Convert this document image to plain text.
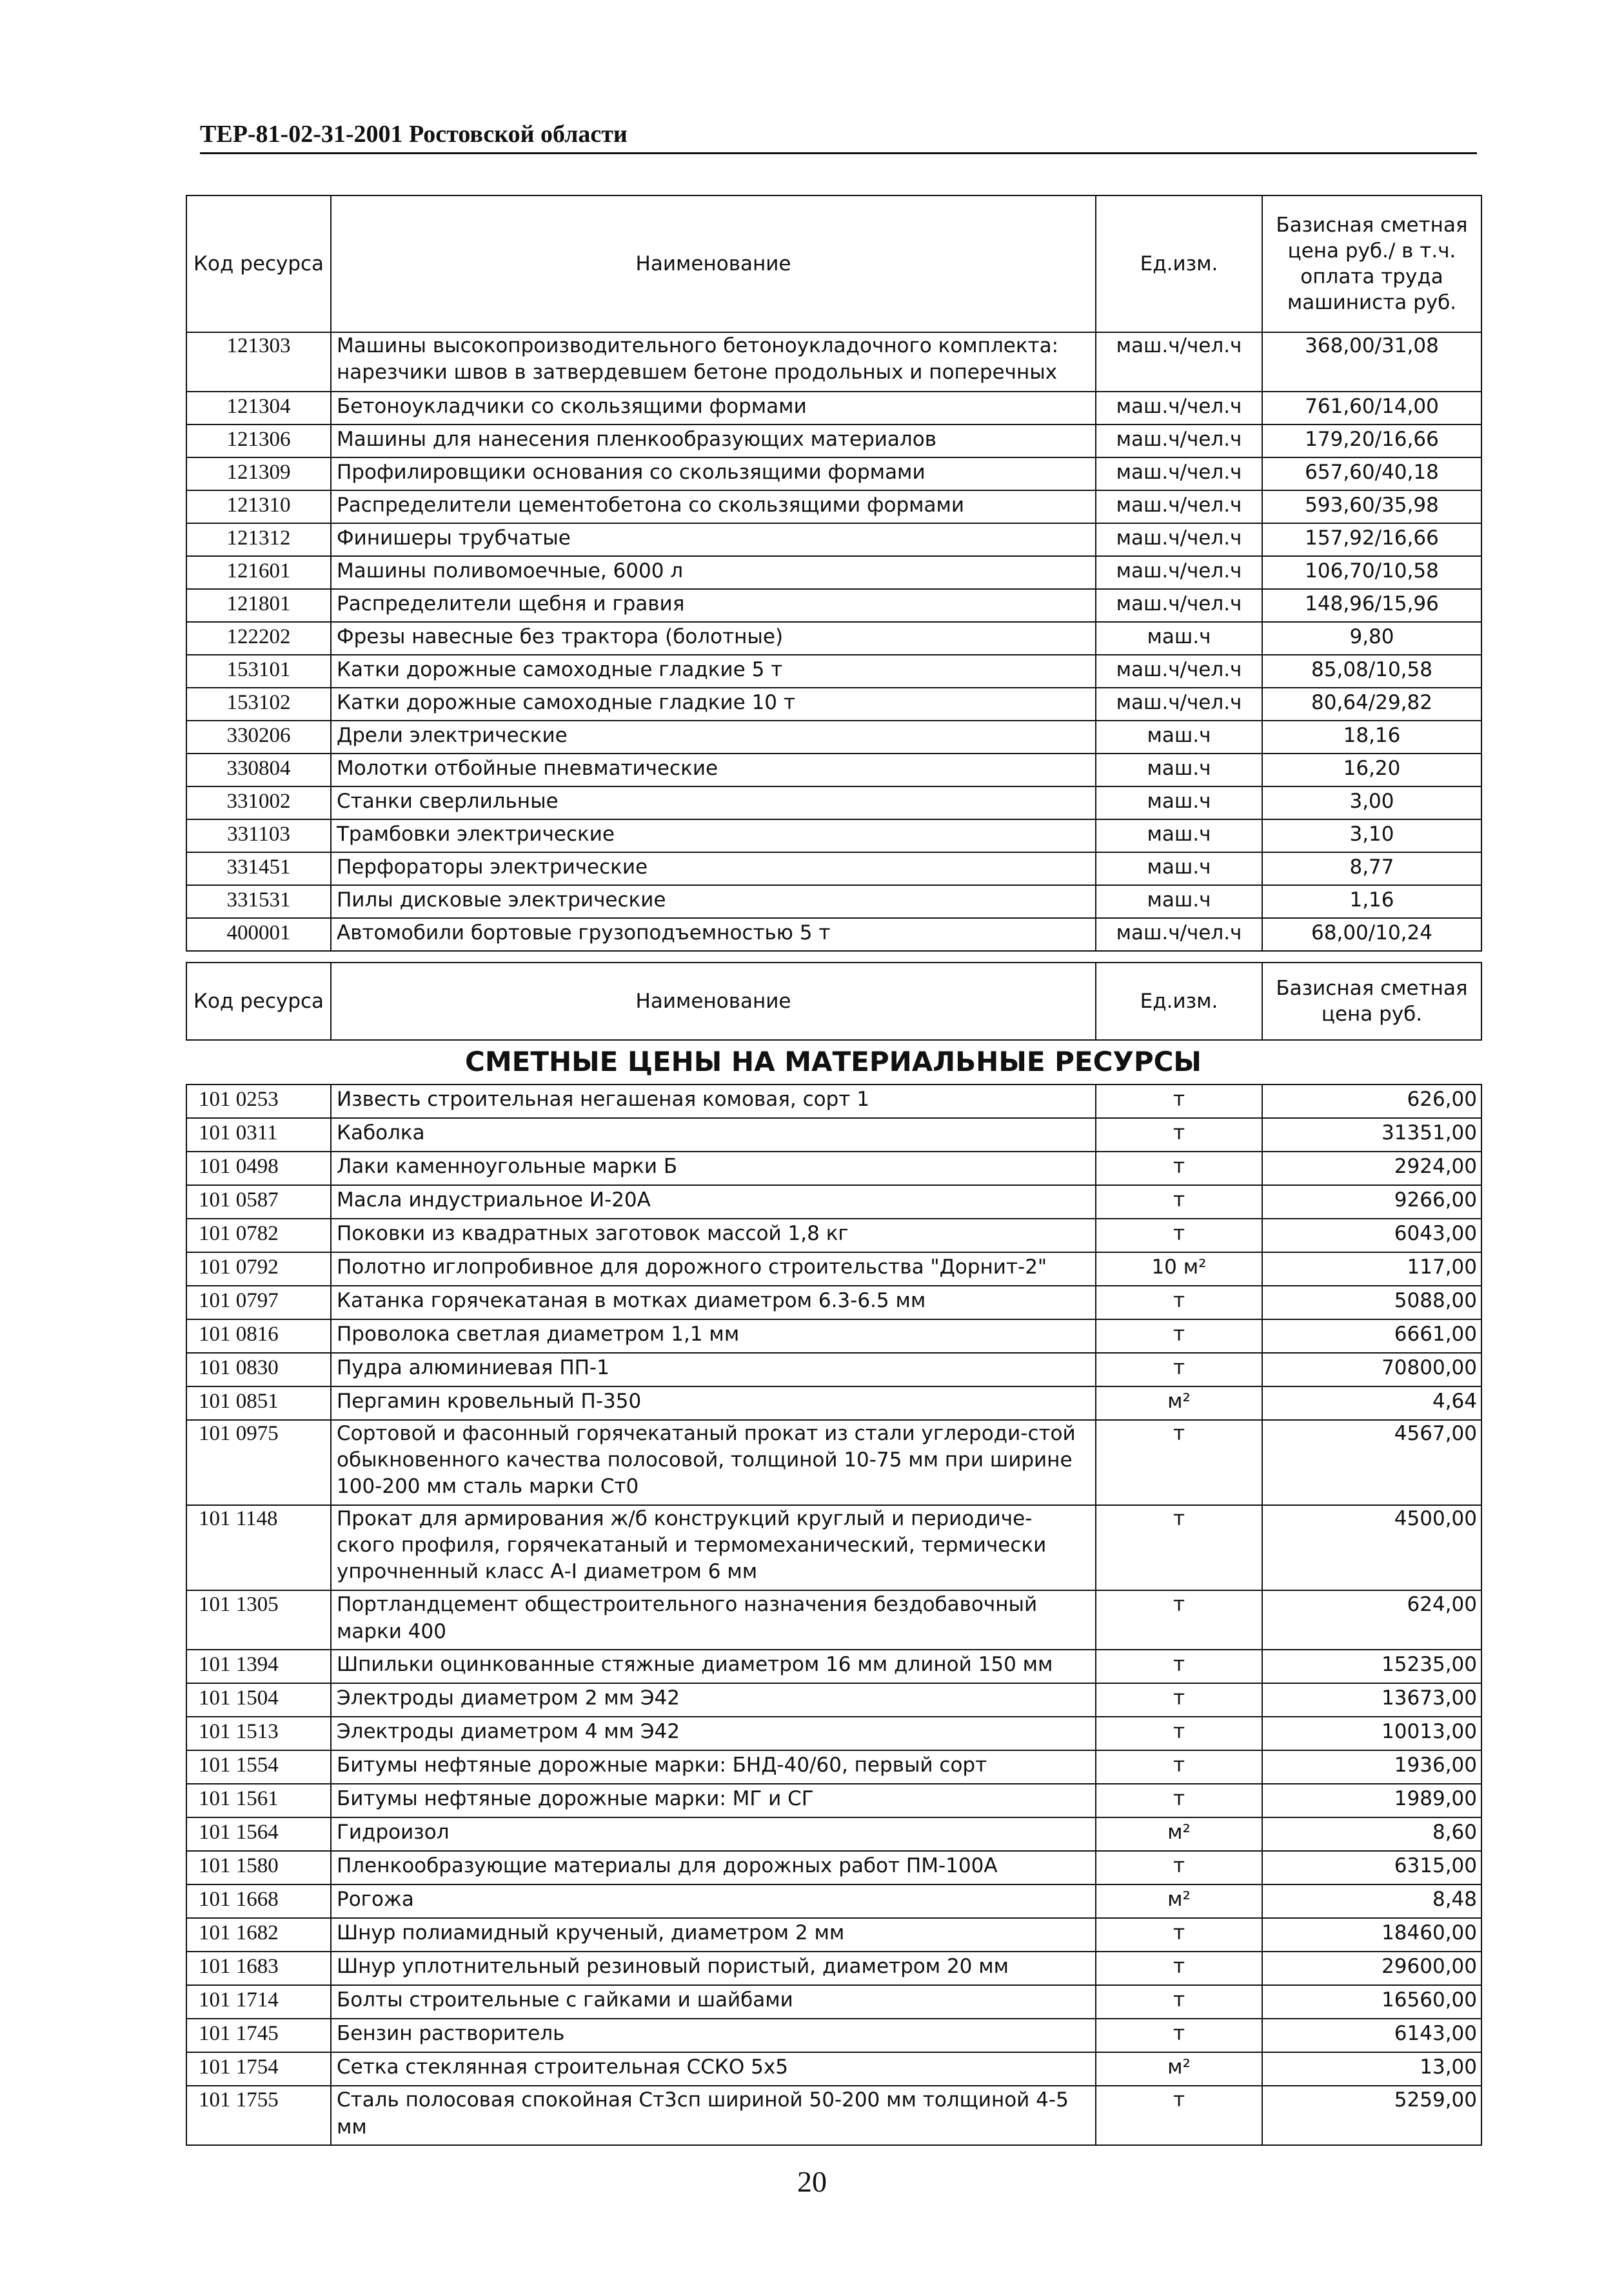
ТЕР-81-02-31-2001 Ростовской области
Код ресурса	Наименование	Ед.изм.	Базисная сметная цена руб./ в т.ч. оплата труда машиниста руб.
121303	Машины высокопроизводительного бетоноукладочного комплекта: нарезчики швов в затвердевшем бетоне продольных и поперечных	маш.ч/чел.ч	368,00/31,08
121304	Бетоноукладчики со скользящими формами	маш.ч/чел.ч	761,60/14,00
121306	Машины для нанесения пленкообразующих материалов	маш.ч/чел.ч	179,20/16,66
121309	Профилировщики основания со скользящими формами	маш.ч/чел.ч	657,60/40,18
121310	Распределители цементобетона со скользящими формами	маш.ч/чел.ч	593,60/35,98
121312	Финишеры трубчатые	маш.ч/чел.ч	157,92/16,66
121601	Машины поливомоечные, 6000 л	маш.ч/чел.ч	106,70/10,58
121801	Распределители щебня и гравия	маш.ч/чел.ч	148,96/15,96
122202	Фрезы навесные без трактора (болотные)	маш.ч	9,80
153101	Катки дорожные самоходные гладкие 5 т	маш.ч/чел.ч	85,08/10,58
153102	Катки дорожные самоходные гладкие 10 т	маш.ч/чел.ч	80,64/29,82
330206	Дрели электрические	маш.ч	18,16
330804	Молотки отбойные пневматические	маш.ч	16,20
331002	Станки сверлильные	маш.ч	3,00
331103	Трамбовки электрические	маш.ч	3,10
331451	Перфораторы электрические	маш.ч	8,77
331531	Пилы дисковые электрические	маш.ч	1,16
400001	Автомобили бортовые грузоподъемностью 5 т	маш.ч/чел.ч	68,00/10,24
Код ресурса	Наименование	Ед.изм.	Базисная сметная цена руб.
СМЕТНЫЕ ЦЕНЫ НА МАТЕРИАЛЬНЫЕ РЕСУРСЫ
101 0253	Известь строительная негашеная комовая, сорт 1	т	626,00
101 0311	Каболка	т	31351,00
101 0498	Лаки каменноугольные марки Б	т	2924,00
101 0587	Масла индустриальное И-20А	т	9266,00
101 0782	Поковки из квадратных заготовок массой 1,8 кг	т	6043,00
101 0792	Полотно иглопробивное для дорожного строительства "Дорнит-2"	10 м²	117,00
101 0797	Катанка горячекатаная в мотках диаметром 6.3-6.5 мм	т	5088,00
101 0816	Проволока светлая диаметром 1,1 мм	т	6661,00
101 0830	Пудра алюминиевая ПП-1	т	70800,00
101 0851	Пергамин кровельный П-350	м²	4,64
101 0975	Сортовой и фасонный горячекатаный прокат из стали углероди-стой обыкновенного качества полосовой, толщиной 10-75 мм при ширине 100-200 мм сталь марки Ст0	т	4567,00
101 1148	Прокат для армирования ж/б конструкций круглый и периодиче-ского профиля, горячекатаный и термомеханический, термически упрочненный класс А-I диаметром 6 мм	т	4500,00
101 1305	Портландцемент общестроительного назначения бездобавочный марки 400	т	624,00
101 1394	Шпильки оцинкованные стяжные диаметром 16 мм длиной 150 мм	т	15235,00
101 1504	Электроды диаметром 2 мм Э42	т	13673,00
101 1513	Электроды диаметром 4 мм Э42	т	10013,00
101 1554	Битумы нефтяные дорожные марки: БНД-40/60, первый сорт	т	1936,00
101 1561	Битумы нефтяные дорожные марки: МГ и СГ	т	1989,00
101 1564	Гидроизол	м²	8,60
101 1580	Пленкообразующие материалы для дорожных работ ПМ-100А	т	6315,00
101 1668	Рогожа	м²	8,48
101 1682	Шнур полиамидный крученый, диаметром 2 мм	т	18460,00
101 1683	Шнур уплотнительный резиновый пористый, диаметром 20 мм	т	29600,00
101 1714	Болты строительные с гайками и шайбами	т	16560,00
101 1745	Бензин растворитель	т	6143,00
101 1754	Сетка стеклянная строительная ССКО 5х5	м²	13,00
101 1755	Сталь полосовая спокойная Ст3сп шириной 50-200 мм толщиной 4-5 мм	т	5259,00
20
